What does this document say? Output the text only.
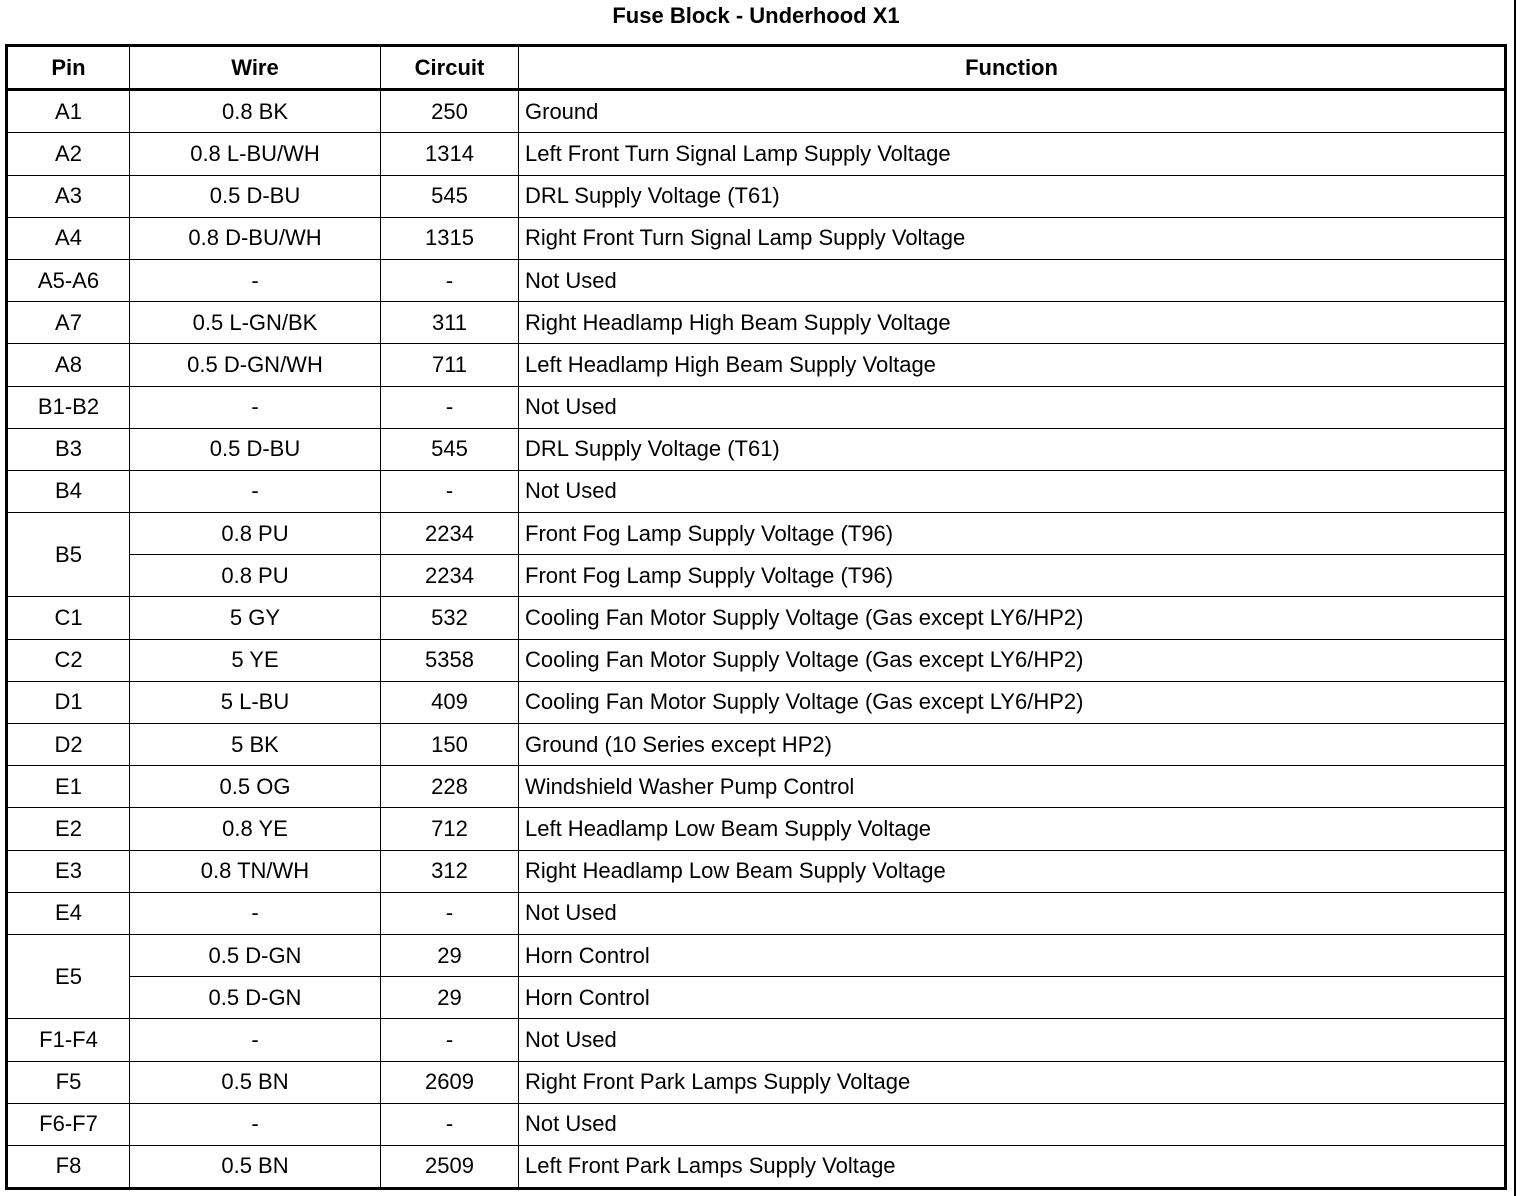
Fuse Block - Underhood X1
Pin	Wire	Circuit	Function
A1	0.8 BK	250	Ground
A2	0.8 L-BU/WH	1314	Left Front Turn Signal Lamp Supply Voltage
A3	0.5 D-BU	545	DRL Supply Voltage (T61)
A4	0.8 D-BU/WH	1315	Right Front Turn Signal Lamp Supply Voltage
A5-A6	-	-	Not Used
A7	0.5 L-GN/BK	311	Right Headlamp High Beam Supply Voltage
A8	0.5 D-GN/WH	711	Left Headlamp High Beam Supply Voltage
B1-B2	-	-	Not Used
B3	0.5 D-BU	545	DRL Supply Voltage (T61)
B4	-	-	Not Used
B5	0.8 PU	2234	Front Fog Lamp Supply Voltage (T96)
	0.8 PU	2234	Front Fog Lamp Supply Voltage (T96)
C1	5 GY	532	Cooling Fan Motor Supply Voltage (Gas except LY6/HP2)
C2	5 YE	5358	Cooling Fan Motor Supply Voltage (Gas except LY6/HP2)
D1	5 L-BU	409	Cooling Fan Motor Supply Voltage (Gas except LY6/HP2)
D2	5 BK	150	Ground (10 Series except HP2)
E1	0.5 OG	228	Windshield Washer Pump Control
E2	0.8 YE	712	Left Headlamp Low Beam Supply Voltage
E3	0.8 TN/WH	312	Right Headlamp Low Beam Supply Voltage
E4	-	-	Not Used
E5	0.5 D-GN	29	Horn Control
	0.5 D-GN	29	Horn Control
F1-F4	-	-	Not Used
F5	0.5 BN	2609	Right Front Park Lamps Supply Voltage
F6-F7	-	-	Not Used
F8	0.5 BN	2509	Left Front Park Lamps Supply Voltage
